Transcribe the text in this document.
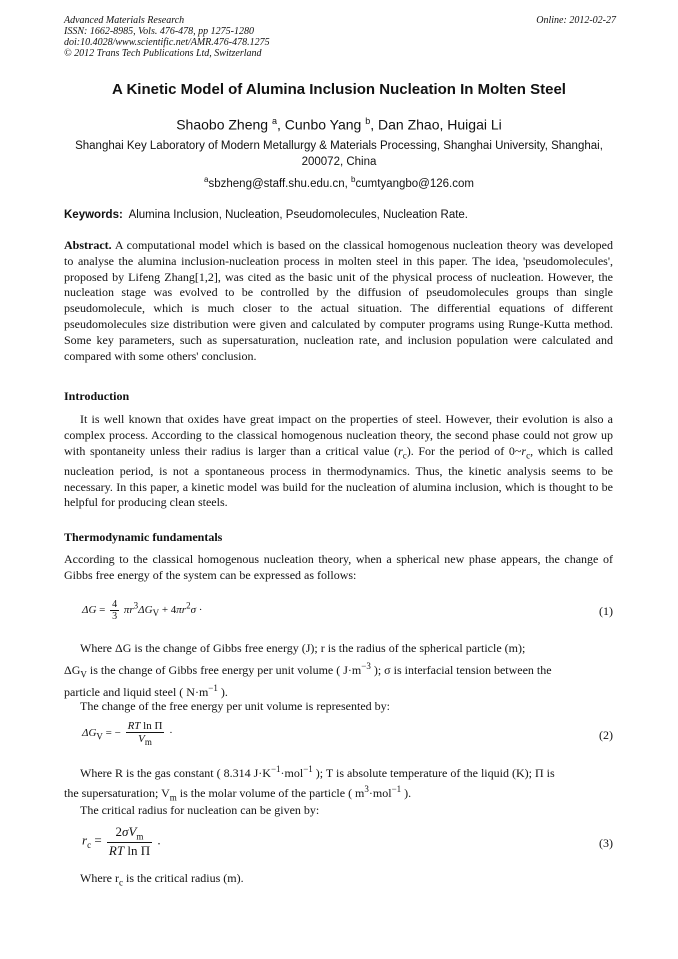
Advanced Materials Research
ISSN: 1662-8985, Vols. 476-478, pp 1275-1280
doi:10.4028/www.scientific.net/AMR.476-478.1275
© 2012 Trans Tech Publications Ltd, Switzerland
Online: 2012-02-27
A Kinetic Model of Alumina Inclusion Nucleation In Molten Steel
Shaobo Zheng $^a$, Cunbo Yang $^b$, Dan Zhao, Huigai Li
Shanghai Key Laboratory of Modern Metallurgy & Materials Processing, Shanghai University, Shanghai, 200072, China
$^a$sbzheng@staff.shu.edu.cn, $^b$cumtyangbo@126.com
Keywords: Alumina Inclusion, Nucleation, Pseudomolecules, Nucleation Rate.
Abstract. A computational model which is based on the classical homogenous nucleation theory was developed to analyse the alumina inclusion-nucleation process in molten steel in this paper. The idea, 'pseudomolecules', proposed by Lifeng Zhang[1,2], was cited as the basic unit of the physical process of nucleation. However, the nucleation stage was evolved to be controlled by the diffusion of pseudomolecules groups than single pseudomolecule, which is much closer to the actual situation. The differential equations of different pseudomolecules size distribution were given and calculated by computer programs using Runge-Kutta method. Some key parameters, such as supersaturation, nucleation rate, and inclusion population were calculated and compared with some others' conclusion.
Introduction
It is well known that oxides have great impact on the properties of steel. However, their evolution is also a complex process. According to the classical homogenous nucleation theory, the second phase could not grow up with spontaneity unless their radius is larger than a critical value $(r_c)$. For the period of $0\sim r_c$, which is called nucleation period, is not a spontaneous process in thermodynamics. Thus, the kinetic analysis seems to be necessary. In this paper, a kinetic model was build for the nucleation of alumina inclusion, which is thought to be helpful for producing clean steels.
Thermodynamic fundamentals
According to the classical homogenous nucleation theory, when a spherical new phase appears, the change of Gibbs free energy of the system can be expressed as follows:
$\Delta G = \frac{4}{3} \pi r^3\Delta G_V + 4\pi r^2\sigma$ ·	(1)
Where ΔG is the change of Gibbs free energy (J); r is the radius of the spherical particle (m);
$\Delta G_V$ is the change of Gibbs free energy per unit volume ( $J\cdot m^{-3}$ ); σ is interfacial tension between the
particle and liquid steel ( $N\cdot m^{-1}$ ).
The change of the free energy per unit volume is represented by:
$\Delta G_V$ = − $\frac{\text{RT ln Π}}{V_m}$ ·	(2)
Where R is the gas constant ( 8.314 $J\cdot K^{-1}\cdot mol^{-1}$ ); T is absolute temperature of the liquid (K); Π is
the supersaturation; $V_m$ is the molar volume of the particle ( $m^3\cdot mol^{-1}$ ).
The critical radius for nucleation can be given by:
$r_c = \frac{2\sigma V_m}{\text{RT ln Π}}$ .	(3)
Where $r_c$ is the critical radius (m).
